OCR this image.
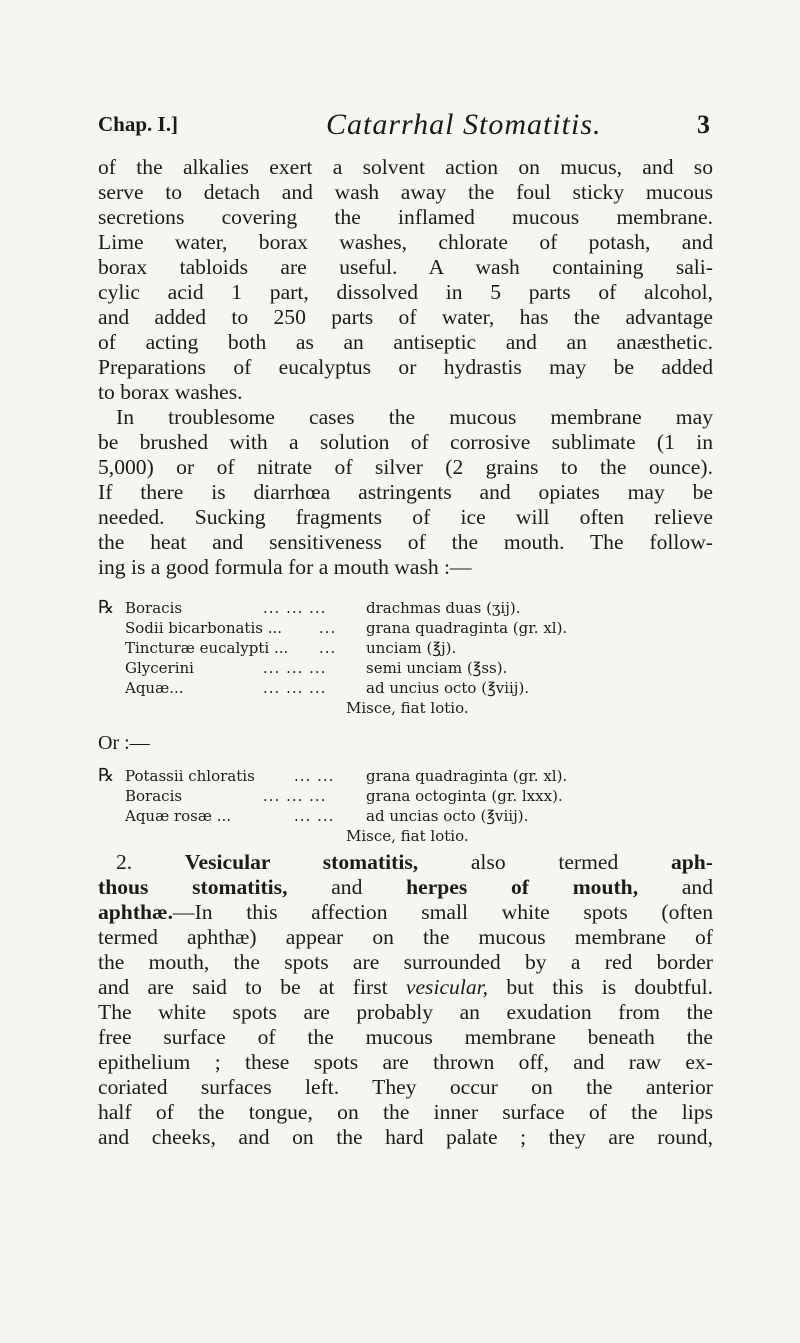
Chap. I.]	Catarrhal Stomatitis.	3
of the alkalies exert a solvent action on mucus, and so
serve to detach and wash away the foul sticky mucous
secretions covering the inflamed mucous membrane.
Lime water, borax washes, chlorate of potash, and
borax tabloids are useful. A wash containing sali-
cylic acid 1 part, dissolved in 5 parts of alcohol,
and added to 250 parts of water, has the advantage
of acting both as an antiseptic and an anæsthetic.
Preparations of eucalyptus or hydrastis may be added
to borax washes.
In troublesome cases the mucous membrane may
be brushed with a solution of corrosive sublimate (1 in
5,000) or of nitrate of silver (2 grains to the ounce).
If there is diarrhœa astringents and opiates may be
needed. Sucking fragments of ice will often relieve
the heat and sensitiveness of the mouth. The follow-
ing is a good formula for a mouth wash :—
℞ Boracis	... ... ...	drachmas duas (ʒij).
Sodii bicarbonatis ... ... grana quadraginta (gr. xl).
Tincturæ eucalypti ... ... unciam (℥j).
Glycerini	... ... ...	semi unciam (℥ss).
Aquæ...	... ... ...	ad uncius octo (℥viij).
Misce, fiat lotio.
Or :—
℞ Potassii chloratis	... ... grana quadraginta (gr. xl).
Boracis	... ... ...	grana octoginta (gr. lxxx).
Aquæ rosæ ...	... ... ad uncias octo (℥viij).
Misce, fiat lotio.
2. Vesicular stomatitis, also termed aph-
thous stomatitis, and herpes of mouth, and
aphthæ.—In this affection small white spots (often
termed aphthæ) appear on the mucous membrane of
the mouth, the spots are surrounded by a red border
and are said to be at first vesicular, but this is doubtful.
The white spots are probably an exudation from the
free surface of the mucous membrane beneath the
epithelium ; these spots are thrown off, and raw ex-
coriated surfaces left. They occur on the anterior
half of the tongue, on the inner surface of the lips
and cheeks, and on the hard palate ; they are round,
